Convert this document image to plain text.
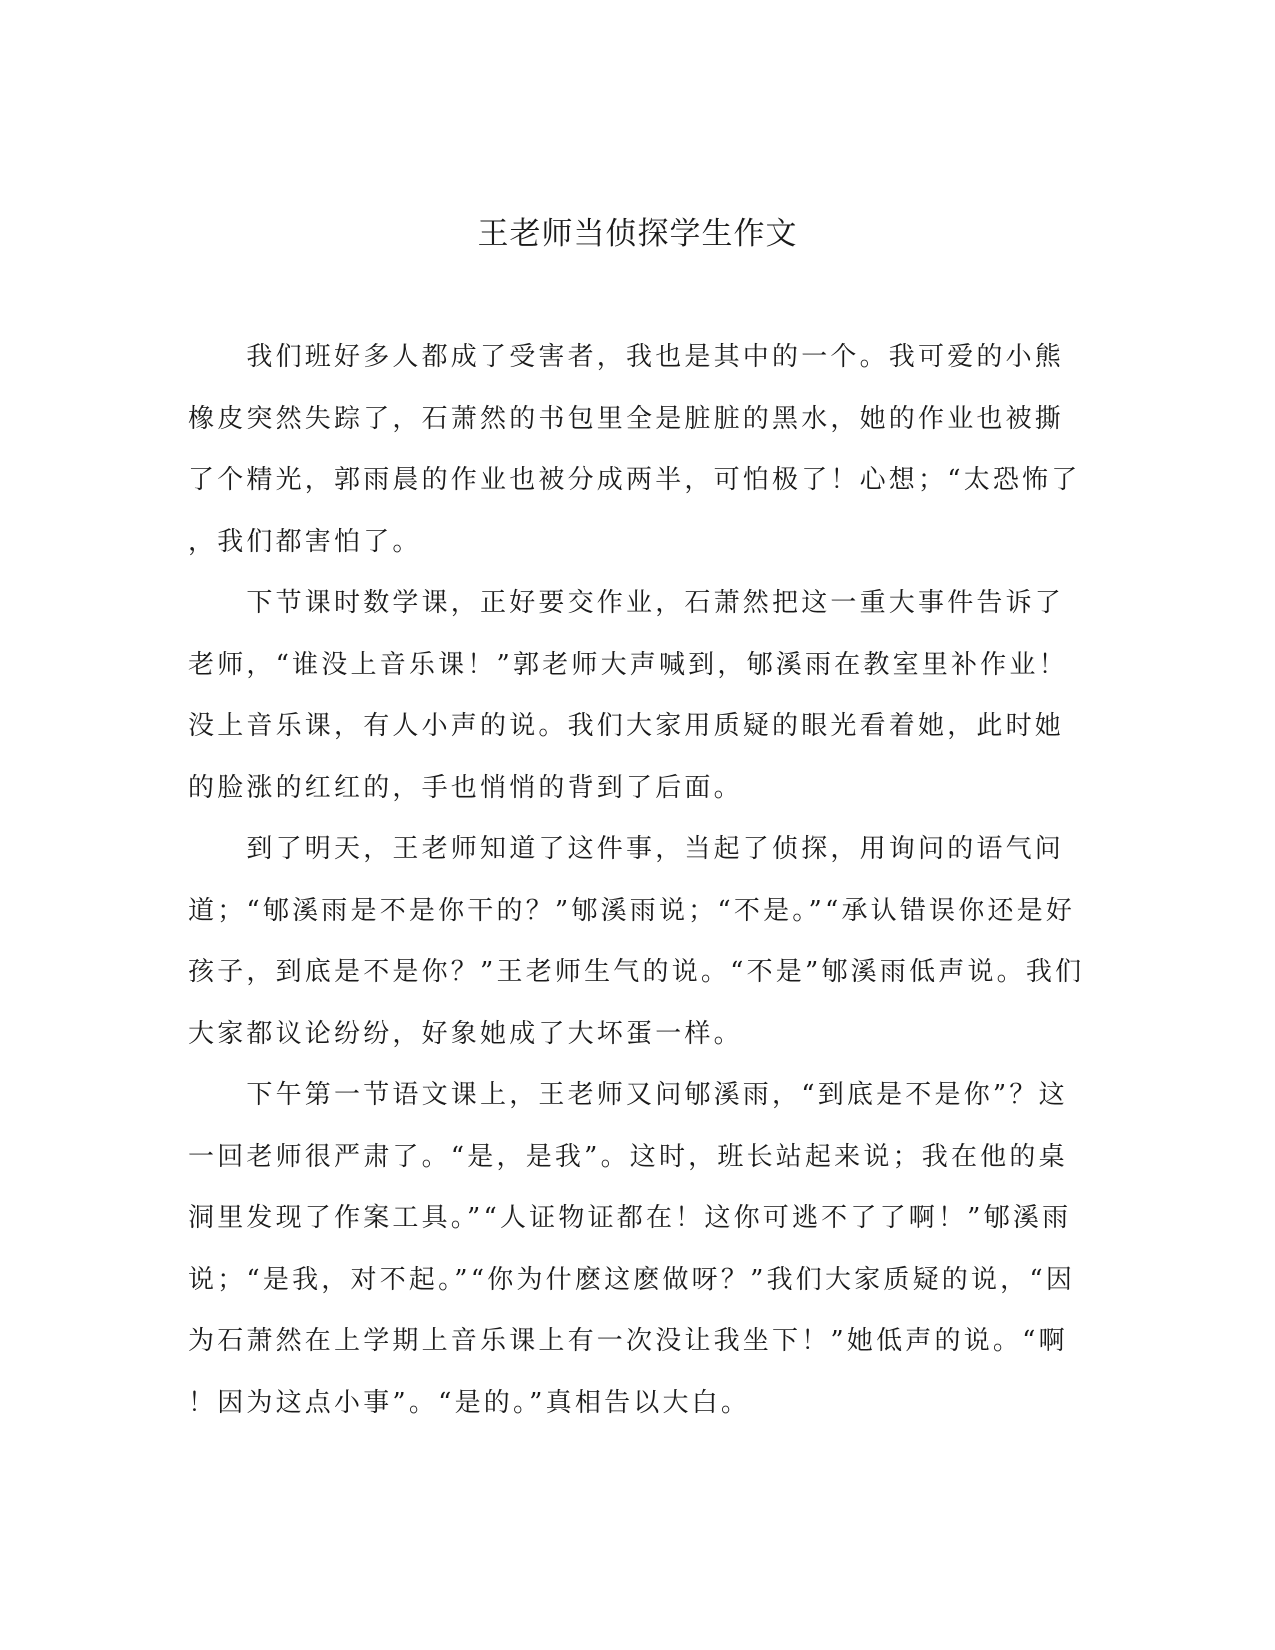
王老师当侦探学生作文
　　我们班好多人都成了受害者，我也是其中的一个。我可爱的小熊
橡皮突然失踪了，石萧然的书包里全是脏脏的黑水，她的作业也被撕
了个精光，郭雨晨的作业也被分成两半，可怕极了！心想；“太恐怖了
，我们都害怕了。
　　下节课时数学课，正好要交作业，石萧然把这一重大事件告诉了
老师，“谁没上音乐课！”郭老师大声喊到，郇溪雨在教室里补作业！
没上音乐课，有人小声的说。我们大家用质疑的眼光看着她，此时她
的脸涨的红红的，手也悄悄的背到了后面。
　　到了明天，王老师知道了这件事，当起了侦探，用询问的语气问
道；“郇溪雨是不是你干的？”郇溪雨说；“不是。”“承认错误你还是好
孩子，到底是不是你？”王老师生气的说。“不是”郇溪雨低声说。我们
大家都议论纷纷，好象她成了大坏蛋一样。
　　下午第一节语文课上，王老师又问郇溪雨，“到底是不是你”？这
一回老师很严肃了。“是，是我”。这时，班长站起来说；我在他的桌
洞里发现了作案工具。”“人证物证都在！这你可逃不了了啊！”郇溪雨
说；“是我，对不起。”“你为什麽这麽做呀？”我们大家质疑的说，“因
为石萧然在上学期上音乐课上有一次没让我坐下！”她低声的说。“啊
！因为这点小事”。“是的。”真相告以大白。
